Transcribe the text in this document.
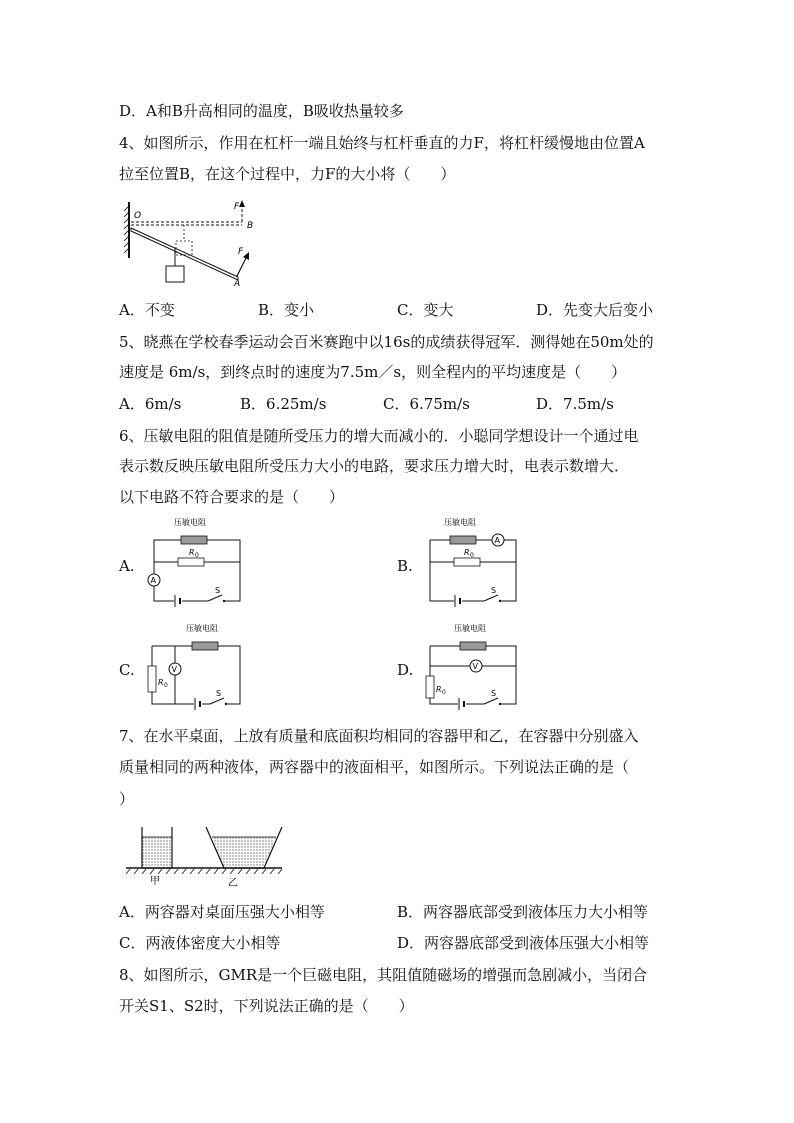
D．A和B升高相同的温度，B吸收热量较多
4、如图所示，作用在杠杆一端且始终与杠杆垂直的力F，将杠杆缓慢地由位置A
拉至位置B，在这个过程中，力F的大小将（　　）
O
B
F
F
A
A．不变	B．变小	C．变大	D．先变大后变小
5、晓燕在学校春季运动会百米赛跑中以16s的成绩获得冠军．测得她在50m处的
速度是 6m/s，到终点时的速度为7.5m／s，则全程内的平均速度是（　　）
A．6m/s	B．6.25m/s	C．6.75m/s	D．7.5m/s
6、压敏电阻的阻值是随所受压力的增大而减小的．小聪同学想设计一个通过电
表示数反映压敏电阻所受压力大小的电路，要求压力增大时，电表示数增大．
以下电路不符合要求的是（　　）
A.	B.
C.	D.
压敏电阻
R 0
A
S
压敏电阻
A
R 0
S
压敏电阻
V
R 0
S
压敏电阻
V
R 0	S
7、在水平桌面，上放有质量和底面积均相同的容器甲和乙，在容器中分别盛入
质量相同的两种液体，两容器中的液面相平，如图所示。下列说法正确的是（
）
甲	乙
A．两容器对桌面压强大小相等	B．两容器底部受到液体压力大小相等
C．两液体密度大小相等	D．两容器底部受到液体压强大小相等
8、如图所示，GMR是一个巨磁电阻，其阻值随磁场的增强而急剧减小，当闭合
开关S1、S2时，下列说法正确的是（　　）
